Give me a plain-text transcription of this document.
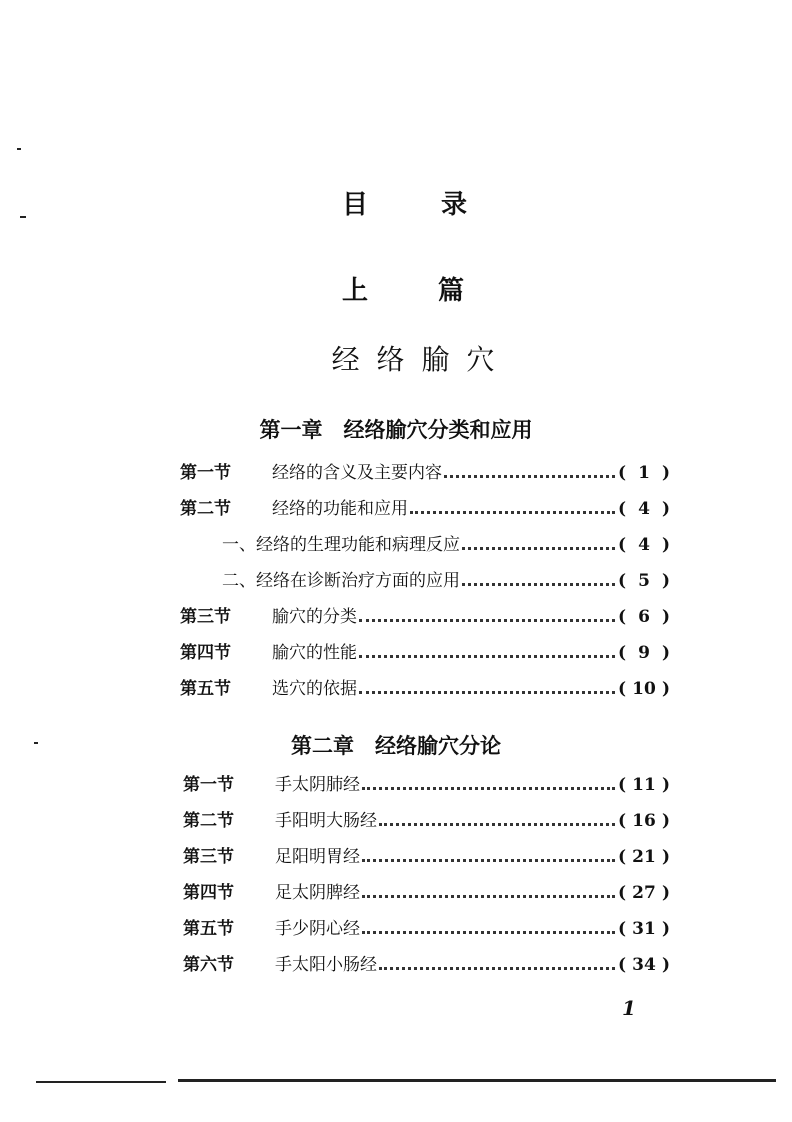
目	录
上	篇
经 络 腧 穴
第一章　经络腧穴分类和应用
第一节	经络的含义及主要内容	( 1 )
第二节	经络的功能和应用	( 4 )
一、经络的生理功能和病理反应	( 4 )
二、经络在诊断治疗方面的应用	( 5 )
第三节	腧穴的分类	( 6 )
第四节	腧穴的性能	( 9 )
第五节	选穴的依据	( 10 )
第二章　经络腧穴分论
第一节	手太阴肺经	( 11 )
第二节	手阳明大肠经	( 16 )
第三节	足阳明胃经	( 21 )
第四节	足太阴脾经	( 27 )
第五节	手少阴心经	( 31 )
第六节	手太阳小肠经	( 34 )
1
